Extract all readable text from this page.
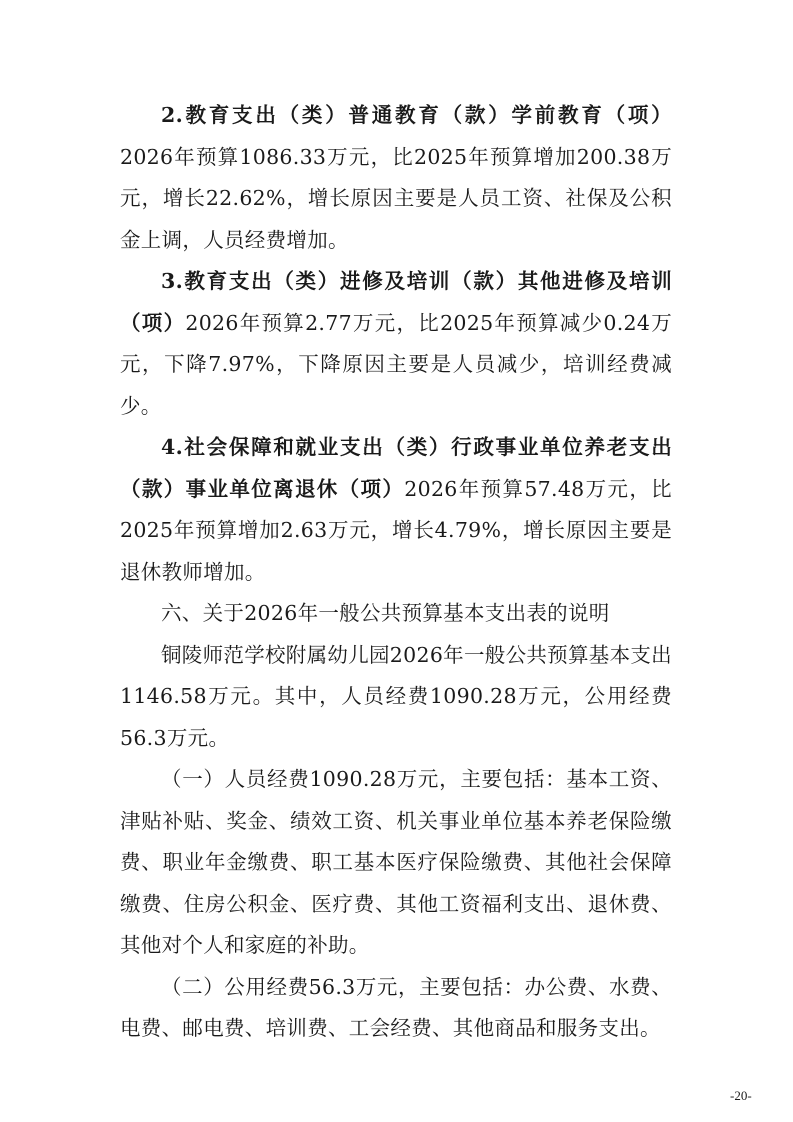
2.教育支出（类）普通教育（款）学前教育（项）2026年预算1086.33万元，比2025年预算增加200.38万元，增长22.62%，增长原因主要是人员工资、社保及公积金上调，人员经费增加。

3.教育支出（类）进修及培训（款）其他进修及培训（项）2026年预算2.77万元，比2025年预算减少0.24万元，下降7.97%，下降原因主要是人员减少，培训经费减少。

4.社会保障和就业支出（类）行政事业单位养老支出（款）事业单位离退休（项）2026年预算57.48万元，比2025年预算增加2.63万元，增长4.79%，增长原因主要是退休教师增加。

六、关于2026年一般公共预算基本支出表的说明

铜陵师范学校附属幼儿园2026年一般公共预算基本支出1146.58万元。其中，人员经费1090.28万元，公用经费56.3万元。

（一）人员经费1090.28万元，主要包括：基本工资、津贴补贴、奖金、绩效工资、机关事业单位基本养老保险缴费、职业年金缴费、职工基本医疗保险缴费、其他社会保障缴费、住房公积金、医疗费、其他工资福利支出、退休费、其他对个人和家庭的补助。

（二）公用经费56.3万元，主要包括：办公费、水费、电费、邮电费、培训费、工会经费、其他商品和服务支出。

-20-
